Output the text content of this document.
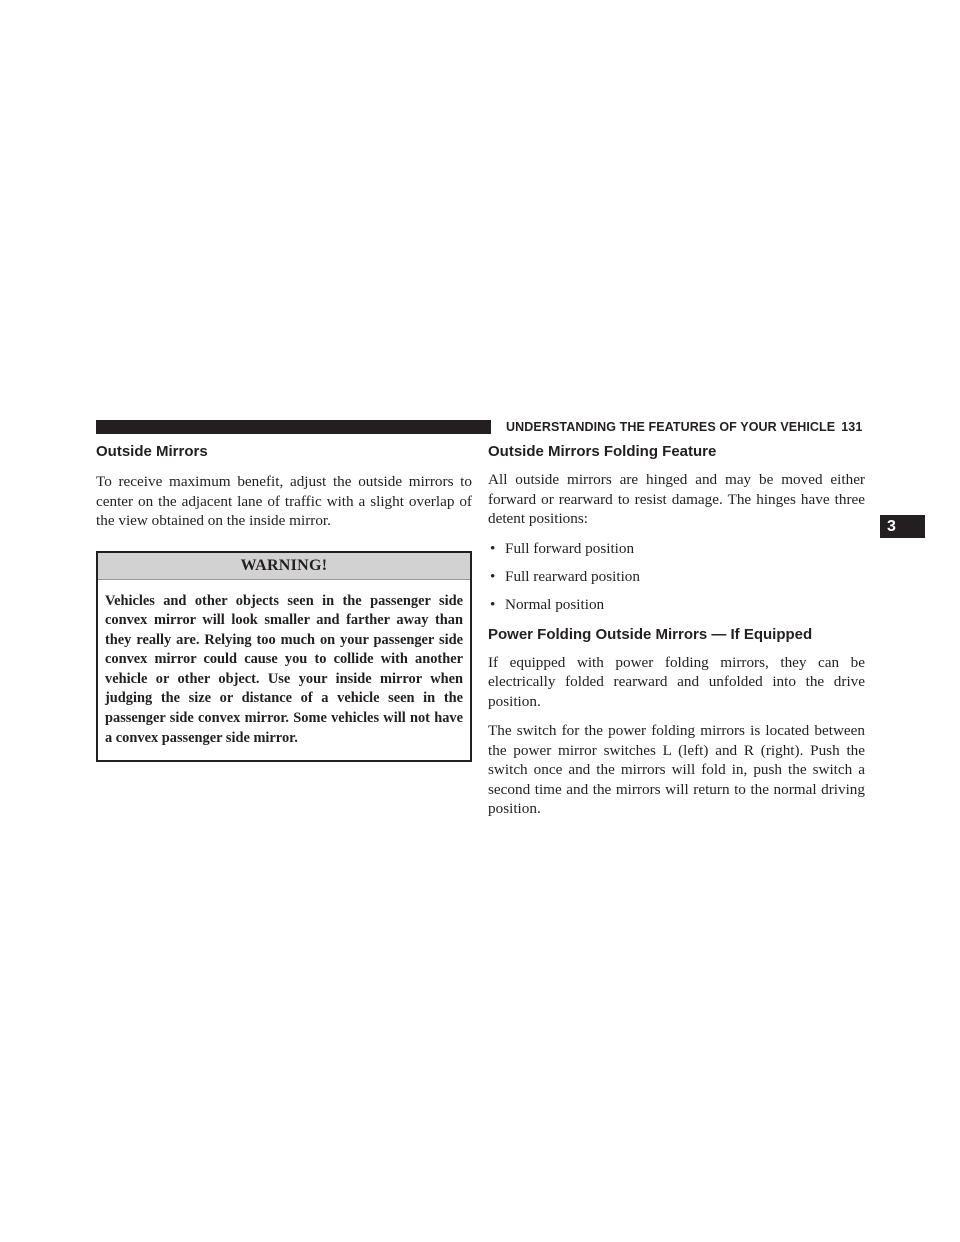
UNDERSTANDING THE FEATURES OF YOUR VEHICLE 131
3
Outside Mirrors

To receive maximum benefit, adjust the outside mirrors to center on the adjacent lane of traffic with a slight overlap of the view obtained on the inside mirror.

WARNING!
Vehicles and other objects seen in the passenger side convex mirror will look smaller and farther away than they really are. Relying too much on your passenger side convex mirror could cause you to collide with another vehicle or other object. Use your inside mirror when judging the size or distance of a vehicle seen in the passenger side convex mirror. Some vehicles will not have a convex passenger side mirror.
Outside Mirrors Folding Feature

All outside mirrors are hinged and may be moved either forward or rearward to resist damage. The hinges have three detent positions:

• Full forward position
• Full rearward position
• Normal position
Power Folding Outside Mirrors — If Equipped

If equipped with power folding mirrors, they can be electrically folded rearward and unfolded into the drive position.

The switch for the power folding mirrors is located between the power mirror switches L (left) and R (right). Push the switch once and the mirrors will fold in, push the switch a second time and the mirrors will return to the normal driving position.
